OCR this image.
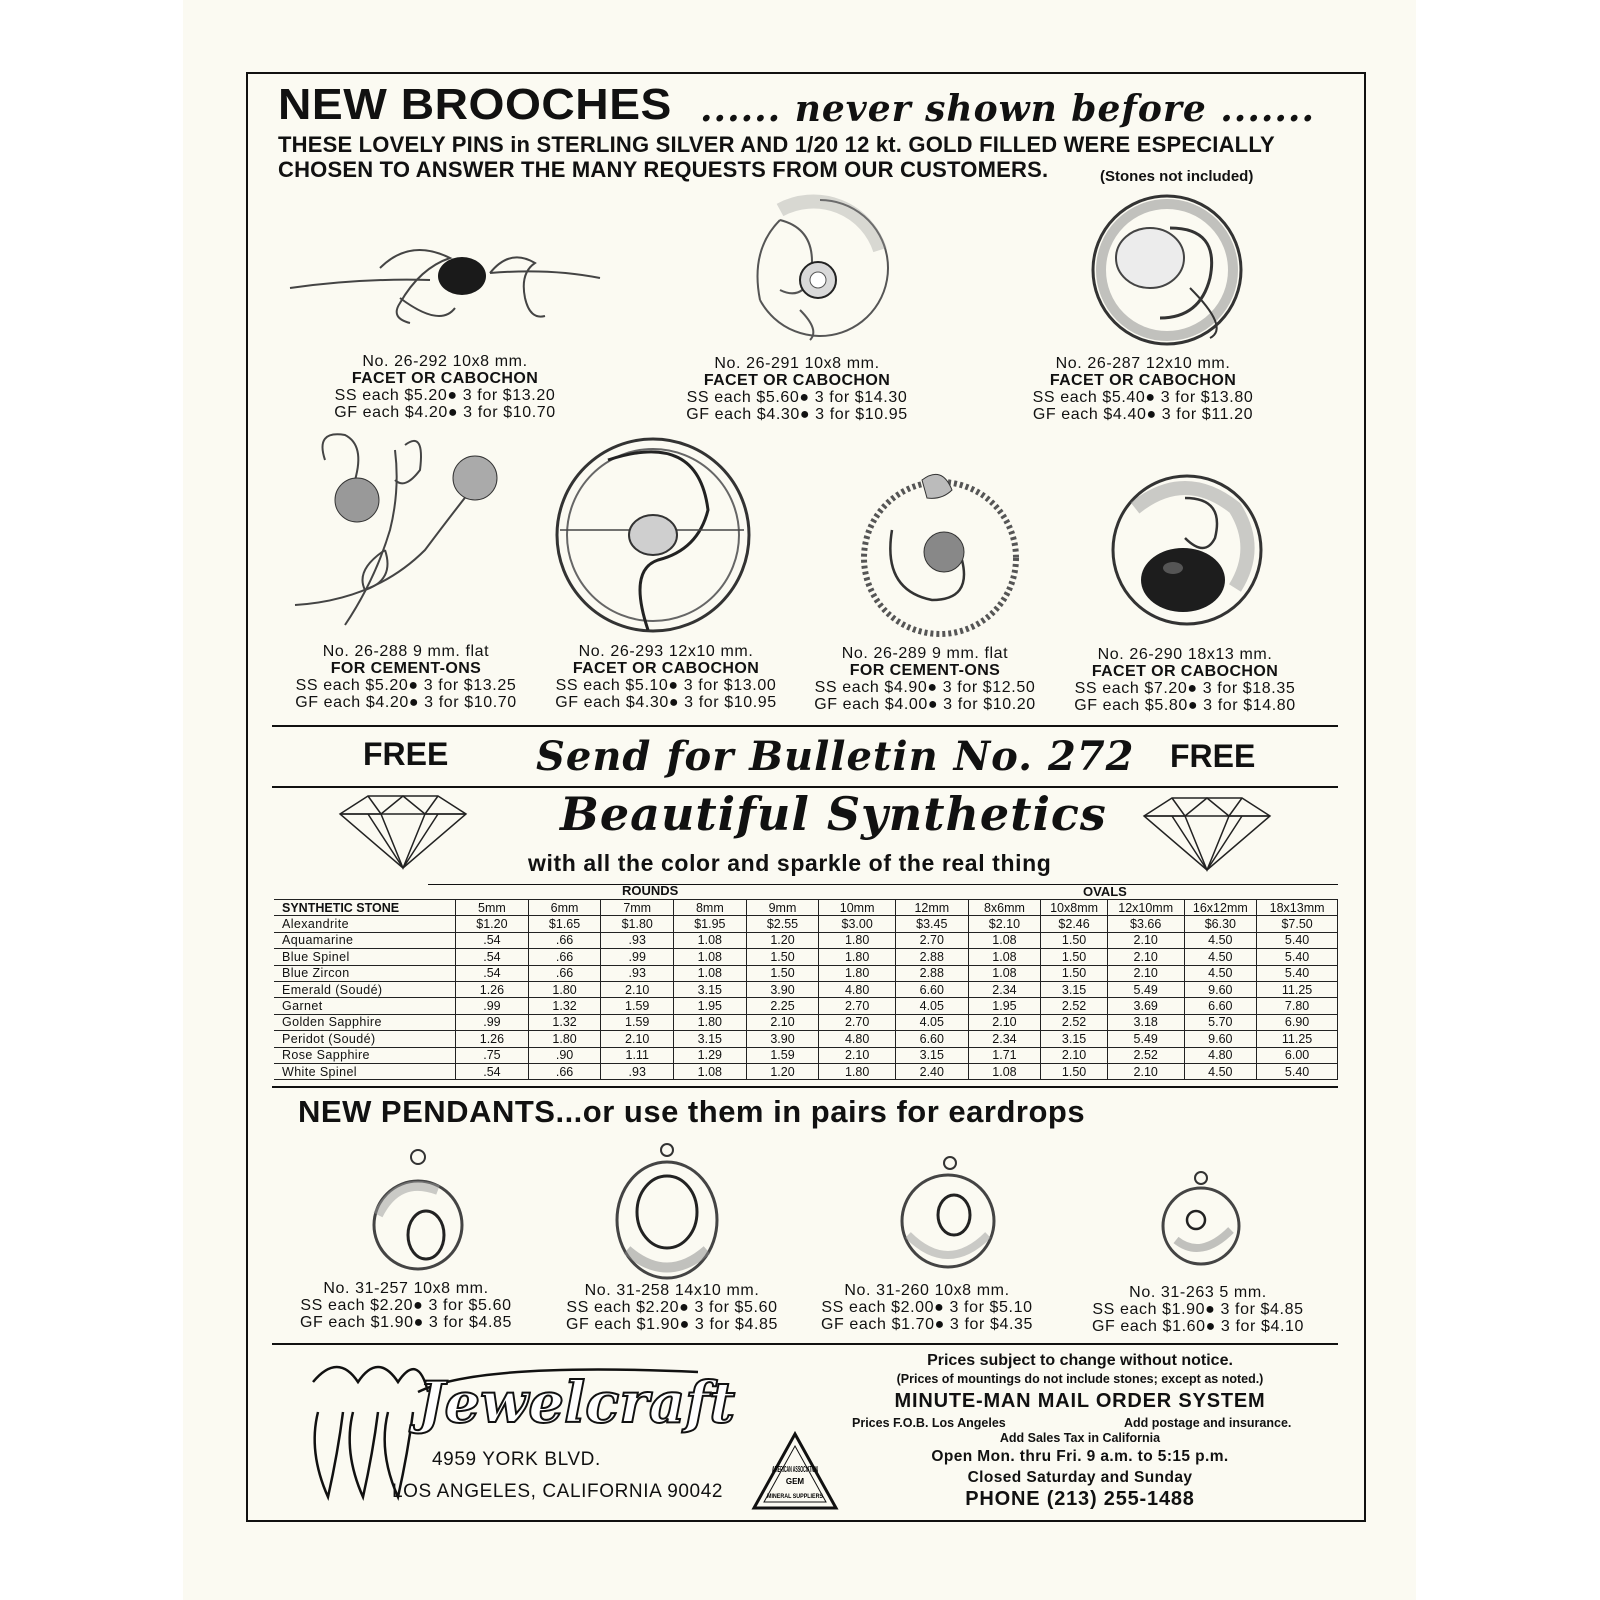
NEW BROOCHES ...... never shown before .......
THESE LOVELY PINS in STERLING SILVER AND 1/20 12 kt. GOLD FILLED WERE ESPECIALLY
CHOSEN TO ANSWER THE MANY REQUESTS FROM OUR CUSTOMERS.	(Stones not included)
No. 26-292 10x8 mm.
FACET OR CABOCHON
SS each $5.20● 3 for $13.20
GF each $4.20● 3 for $10.70
No. 26-291 10x8 mm.
FACET OR CABOCHON
SS each $5.60● 3 for $14.30
GF each $4.30● 3 for $10.95
No. 26-287 12x10 mm.
FACET OR CABOCHON
SS each $5.40● 3 for $13.80
GF each $4.40● 3 for $11.20
No. 26-288 9 mm. flat
FOR CEMENT-ONS
SS each $5.20● 3 for $13.25
GF each $4.20● 3 for $10.70
No. 26-293 12x10 mm.
FACET OR CABOCHON
SS each $5.10● 3 for $13.00
GF each $4.30● 3 for $10.95
No. 26-289 9 mm. flat
FOR CEMENT-ONS
SS each $4.90● 3 for $12.50
GF each $4.00● 3 for $10.20
No. 26-290 18x13 mm.
FACET OR CABOCHON
SS each $7.20● 3 for $18.35
GF each $5.80● 3 for $14.80
FREE Send for Bulletin No. 272 FREE
Beautiful Synthetics
with all the color and sparkle of the real thing
ROUNDS	OVALS
SYNTHETIC STONE	5mm	6mm	7mm	8mm	9mm	10mm	12mm	8x6mm	10x8mm	12x10mm	16x12mm	18x13mm
Alexandrite	$1.20	$1.65	$1.80	$1.95	$2.55	$3.00	$3.45	$2.10	$2.46	$3.66	$6.30	$7.50
Aquamarine	.54	.66	.93	1.08	1.20	1.80	2.70	1.08	1.50	2.10	4.50	5.40
Blue Spinel	.54	.66	.99	1.08	1.50	1.80	2.88	1.08	1.50	2.10	4.50	5.40
Blue Zircon	.54	.66	.93	1.08	1.50	1.80	2.88	1.08	1.50	2.10	4.50	5.40
Emerald (Soudé)	1.26	1.80	2.10	3.15	3.90	4.80	6.60	2.34	3.15	5.49	9.60	11.25
Garnet	.99	1.32	1.59	1.95	2.25	2.70	4.05	1.95	2.52	3.69	6.60	7.80
Golden Sapphire	.99	1.32	1.59	1.80	2.10	2.70	4.05	2.10	2.52	3.18	5.70	6.90
Peridot (Soudé)	1.26	1.80	2.10	3.15	3.90	4.80	6.60	2.34	3.15	5.49	9.60	11.25
Rose Sapphire	.75	.90	1.11	1.29	1.59	2.10	3.15	1.71	2.10	2.52	4.80	6.00
White Spinel	.54	.66	.93	1.08	1.20	1.80	2.40	1.08	1.50	2.10	4.50	5.40
NEW PENDANTS...or use them in pairs for eardrops
No. 31-257 10x8 mm.
SS each $2.20● 3 for $5.60
GF each $1.90● 3 for $4.85
No. 31-258 14x10 mm.
SS each $2.20● 3 for $5.60
GF each $1.90● 3 for $4.85
No. 31-260 10x8 mm.
SS each $2.00● 3 for $5.10
GF each $1.70● 3 for $4.35
No. 31-263 5 mm.
SS each $1.90● 3 for $4.85
GF each $1.60● 3 for $4.10
Jewelcraft
4959 YORK BLVD.
LOS ANGELES, CALIFORNIA 90042
AMERICAN ASSOCIATION
GEM
MINERAL SUPPLIERS
Prices subject to change without notice.
(Prices of mountings do not include stones; except as noted.)
MINUTE-MAN MAIL ORDER SYSTEM
Prices F.O.B. Los Angeles	Add postage and insurance.
Add Sales Tax in California
Open Mon. thru Fri. 9 a.m. to 5:15 p.m.
Closed Saturday and Sunday
PHONE (213) 255-1488
